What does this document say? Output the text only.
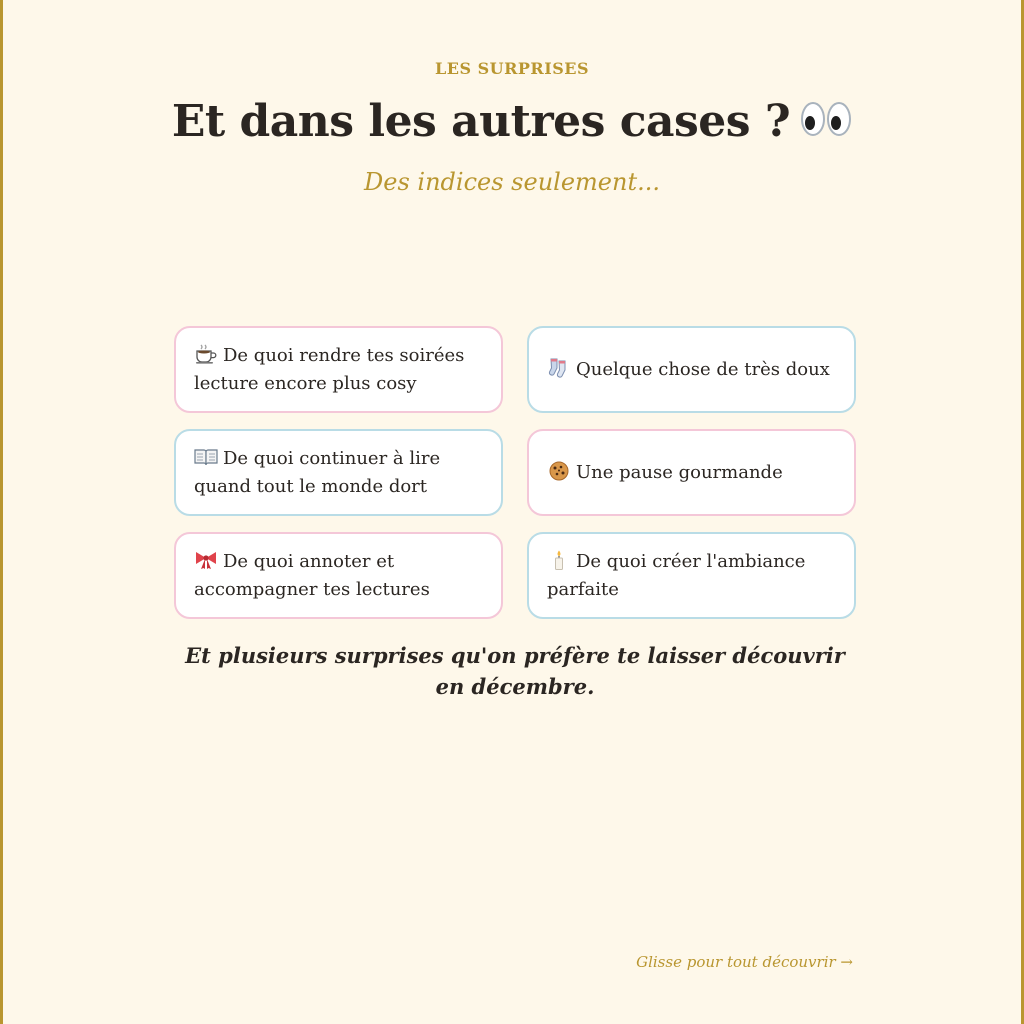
LES SURPRISES
Et dans les autres cases ?
Des indices seulement...
De quoi rendre tes soirées lecture encore plus cosy
Quelque chose de très doux
De quoi continuer à lire quand tout le monde dort
Une pause gourmande
De quoi annoter et accompagner tes lectures
De quoi créer l'ambiance parfaite
Et plusieurs surprises qu'on préfère te laisser découvrir en décembre.
Glisse pour tout découvrir →
